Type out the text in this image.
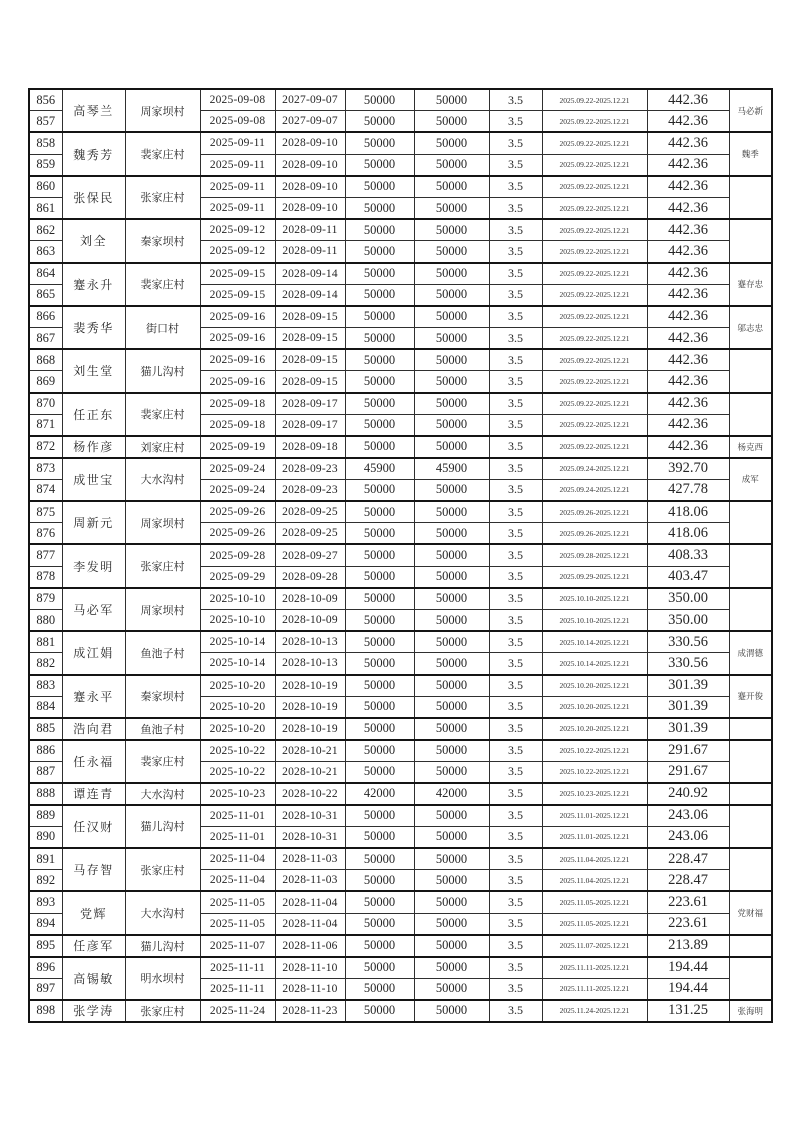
856	高琴兰	周家坝村	2025-09-08	2027-09-07	50000	50000	3.5	2025.09.22-2025.12.21	442.36	马必新
857			2025-09-08	2027-09-07	50000	50000	3.5	2025.09.22-2025.12.21	442.36	
858	魏秀芳	裴家庄村	2025-09-11	2028-09-10	50000	50000	3.5	2025.09.22-2025.12.21	442.36	魏季
859			2025-09-11	2028-09-10	50000	50000	3.5	2025.09.22-2025.12.21	442.36	
860	张保民	张家庄村	2025-09-11	2028-09-10	50000	50000	3.5	2025.09.22-2025.12.21	442.36	
861			2025-09-11	2028-09-10	50000	50000	3.5	2025.09.22-2025.12.21	442.36	
862	刘全	秦家坝村	2025-09-12	2028-09-11	50000	50000	3.5	2025.09.22-2025.12.21	442.36	
863			2025-09-12	2028-09-11	50000	50000	3.5	2025.09.22-2025.12.21	442.36	
864	蹇永升	裴家庄村	2025-09-15	2028-09-14	50000	50000	3.5	2025.09.22-2025.12.21	442.36	蹇存忠
865			2025-09-15	2028-09-14	50000	50000	3.5	2025.09.22-2025.12.21	442.36	
866	裴秀华	街口村	2025-09-16	2028-09-15	50000	50000	3.5	2025.09.22-2025.12.21	442.36	邬志忠
867			2025-09-16	2028-09-15	50000	50000	3.5	2025.09.22-2025.12.21	442.36	
868	刘生堂	猫儿沟村	2025-09-16	2028-09-15	50000	50000	3.5	2025.09.22-2025.12.21	442.36	
869			2025-09-16	2028-09-15	50000	50000	3.5	2025.09.22-2025.12.21	442.36	
870	任正东	裴家庄村	2025-09-18	2028-09-17	50000	50000	3.5	2025.09.22-2025.12.21	442.36	
871			2025-09-18	2028-09-17	50000	50000	3.5	2025.09.22-2025.12.21	442.36	
872	杨作彦	刘家庄村	2025-09-19	2028-09-18	50000	50000	3.5	2025.09.22-2025.12.21	442.36	杨克西
873	成世宝	大水沟村	2025-09-24	2028-09-23	45900	45900	3.5	2025.09.24-2025.12.21	392.70	成军
874			2025-09-24	2028-09-23	50000	50000	3.5	2025.09.24-2025.12.21	427.78	
875	周新元	周家坝村	2025-09-26	2028-09-25	50000	50000	3.5	2025.09.26-2025.12.21	418.06	
876			2025-09-26	2028-09-25	50000	50000	3.5	2025.09.26-2025.12.21	418.06	
877	李发明	张家庄村	2025-09-28	2028-09-27	50000	50000	3.5	2025.09.28-2025.12.21	408.33	
878			2025-09-29	2028-09-28	50000	50000	3.5	2025.09.29-2025.12.21	403.47	
879	马必军	周家坝村	2025-10-10	2028-10-09	50000	50000	3.5	2025.10.10-2025.12.21	350.00	
880			2025-10-10	2028-10-09	50000	50000	3.5	2025.10.10-2025.12.21	350.00	
881	成江娟	鱼池子村	2025-10-14	2028-10-13	50000	50000	3.5	2025.10.14-2025.12.21	330.56	成渭德
882			2025-10-14	2028-10-13	50000	50000	3.5	2025.10.14-2025.12.21	330.56	
883	蹇永平	秦家坝村	2025-10-20	2028-10-19	50000	50000	3.5	2025.10.20-2025.12.21	301.39	蹇开俊
884			2025-10-20	2028-10-19	50000	50000	3.5	2025.10.20-2025.12.21	301.39	
885	浩向君	鱼池子村	2025-10-20	2028-10-19	50000	50000	3.5	2025.10.20-2025.12.21	301.39	
886	任永福	裴家庄村	2025-10-22	2028-10-21	50000	50000	3.5	2025.10.22-2025.12.21	291.67	
887			2025-10-22	2028-10-21	50000	50000	3.5	2025.10.22-2025.12.21	291.67	
888	谭连青	大水沟村	2025-10-23	2028-10-22	42000	42000	3.5	2025.10.23-2025.12.21	240.92	
889	任汉财	猫儿沟村	2025-11-01	2028-10-31	50000	50000	3.5	2025.11.01-2025.12.21	243.06	
890			2025-11-01	2028-10-31	50000	50000	3.5	2025.11.01-2025.12.21	243.06	
891	马存智	张家庄村	2025-11-04	2028-11-03	50000	50000	3.5	2025.11.04-2025.12.21	228.47	
892			2025-11-04	2028-11-03	50000	50000	3.5	2025.11.04-2025.12.21	228.47	
893	党辉	大水沟村	2025-11-05	2028-11-04	50000	50000	3.5	2025.11.05-2025.12.21	223.61	党财福
894			2025-11-05	2028-11-04	50000	50000	3.5	2025.11.05-2025.12.21	223.61	
895	任彦军	猫儿沟村	2025-11-07	2028-11-06	50000	50000	3.5	2025.11.07-2025.12.21	213.89	
896	高锡敏	明水坝村	2025-11-11	2028-11-10	50000	50000	3.5	2025.11.11-2025.12.21	194.44	
897			2025-11-11	2028-11-10	50000	50000	3.5	2025.11.11-2025.12.21	194.44	
898	张学涛	张家庄村	2025-11-24	2028-11-23	50000	50000	3.5	2025.11.24-2025.12.21	131.25	张海明
